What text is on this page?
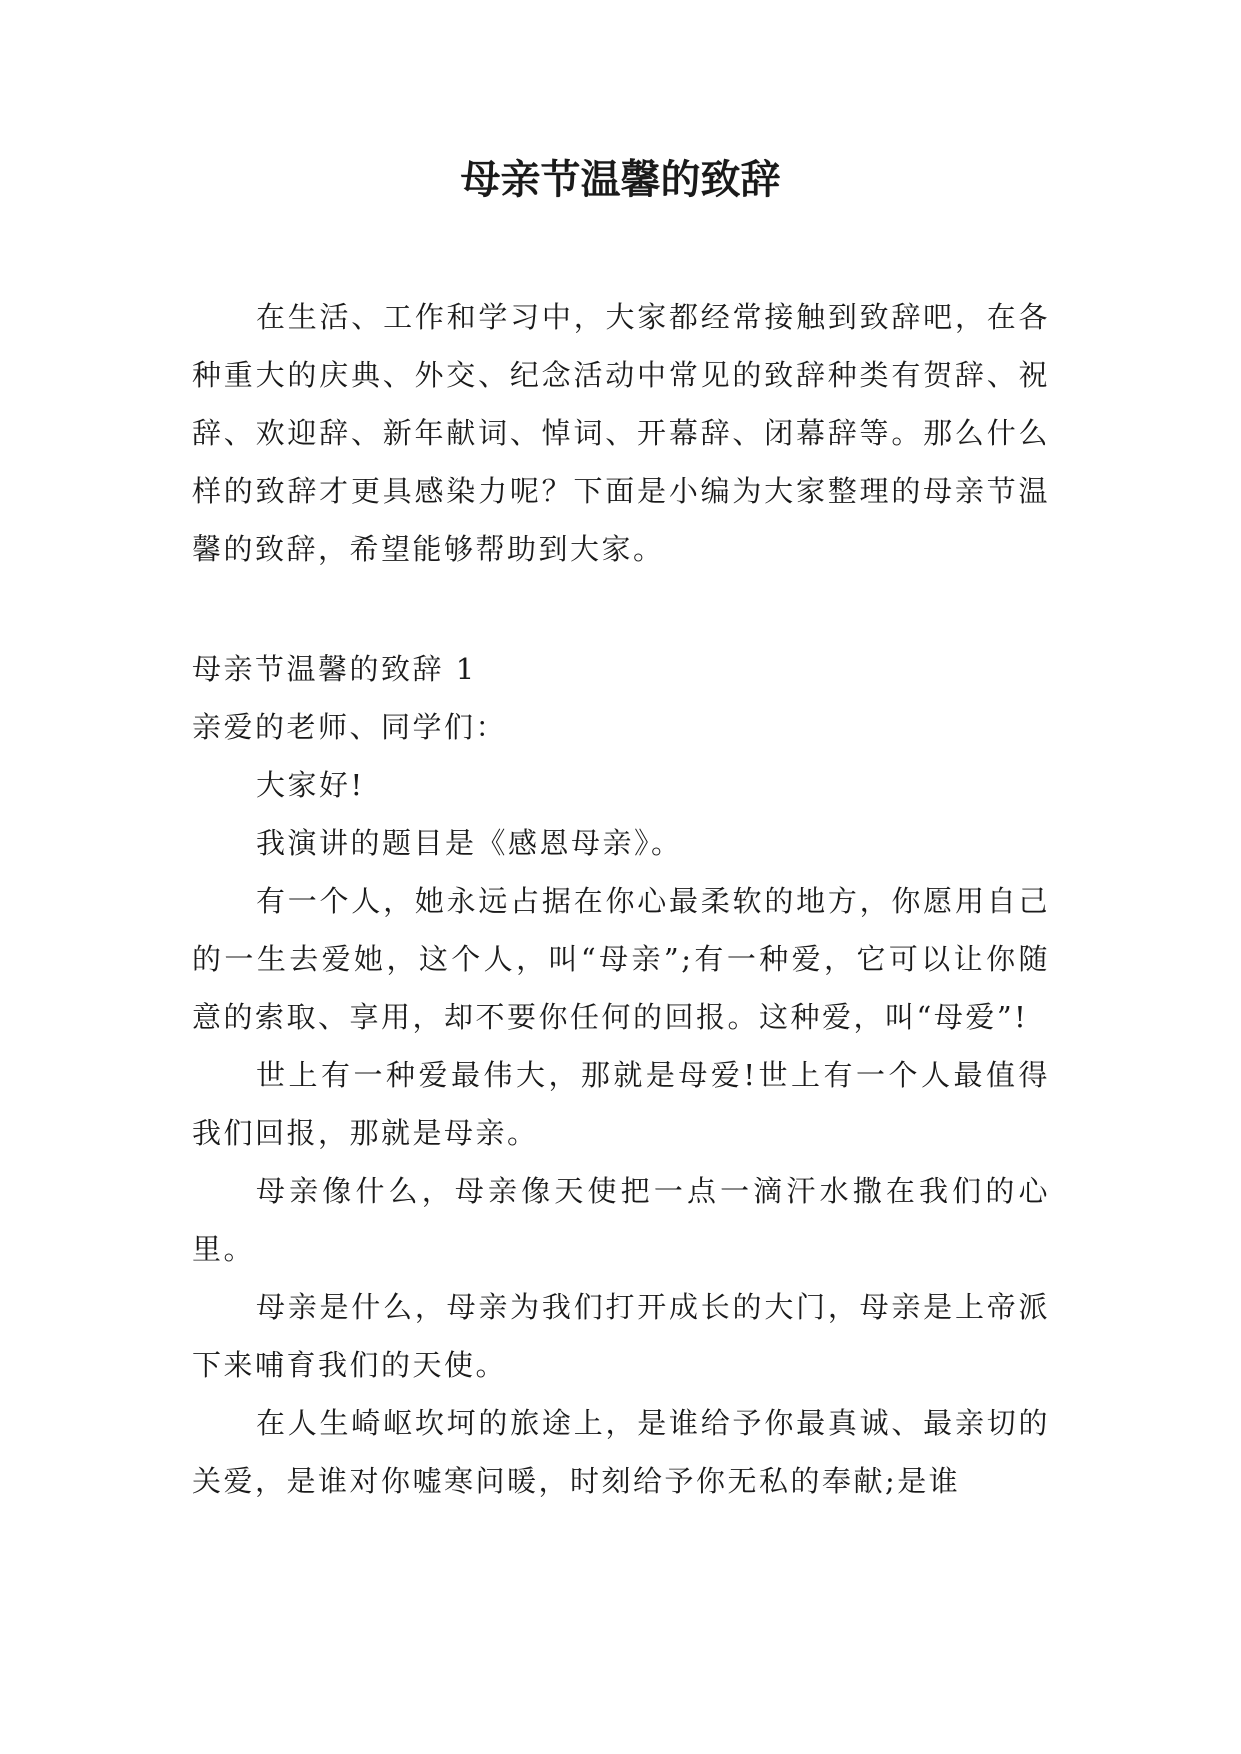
母亲节温馨的致辞

在生活、工作和学习中，大家都经常接触到致辞吧，在各种重大的庆典、外交、纪念活动中常见的致辞种类有贺辞、祝辞、欢迎辞、新年献词、悼词、开幕辞、闭幕辞等。那么什么样的致辞才更具感染力呢？下面是小编为大家整理的母亲节温馨的致辞，希望能够帮助到大家。

母亲节温馨的致辞 1

亲爱的老师、同学们：

大家好!

我演讲的题目是《感恩母亲》。

有一个人，她永远占据在你心最柔软的地方，你愿用自己的一生去爱她，这个人，叫“母亲”;有一种爱，它可以让你随意的索取、享用，却不要你任何的回报。这种爱，叫“母爱”!

世上有一种爱最伟大，那就是母爱!世上有一个人最值得我们回报，那就是母亲。

母亲像什么，母亲像天使把一点一滴汗水撒在我们的心里。

母亲是什么，母亲为我们打开成长的大门，母亲是上帝派下来哺育我们的天使。

在人生崎岖坎坷的旅途上，是谁给予你最真诚、最亲切的关爱，是谁对你嘘寒问暖，时刻给予你无私的奉献;是谁
